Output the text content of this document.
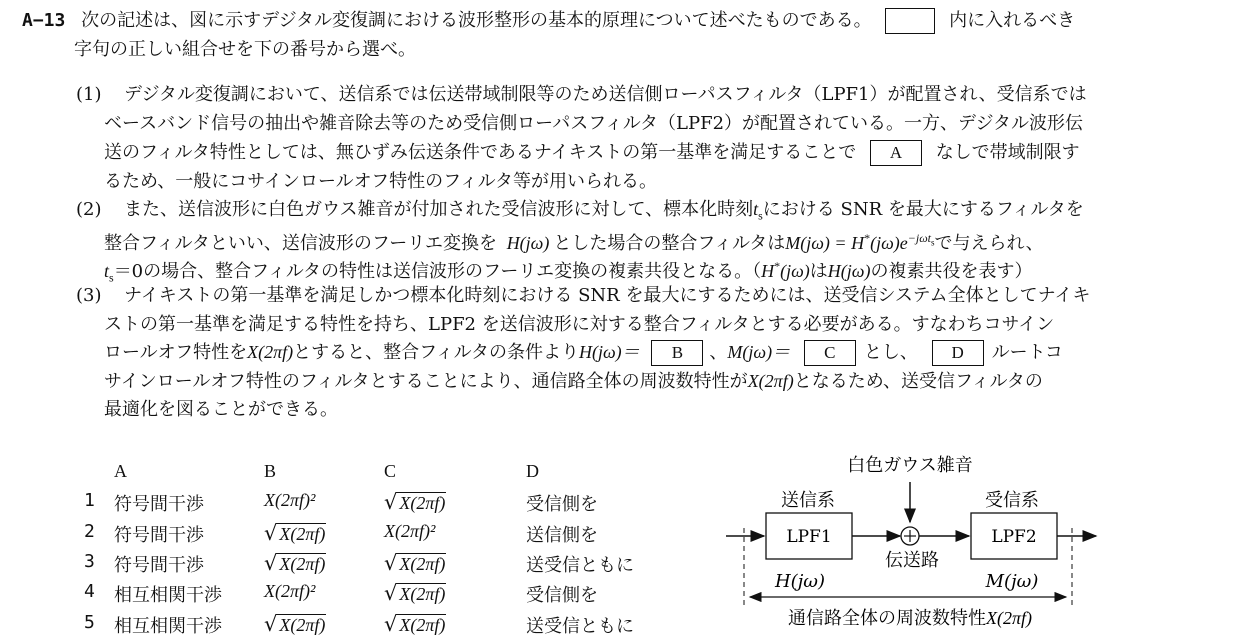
A−13 次の記述は、図に示すデジタル変復調における波形整形の基本的原理について述べたものである。	内に入れるべき
字句の正しい組合せを下の番号から選べ。
(1) デジタル変復調において、送信系では伝送帯域制限等のため送信側ローパスフィルタ（LPF1）が配置され、受信系では
ベースバンド信号の抽出や雑音除去等のため受信側ローパスフィルタ（LPF2）が配置されている。一方、デジタル波形伝
送のフィルタ特性としては、無ひずみ伝送条件であるナイキストの第一基準を満足することで A なしで帯域制限す
るため、一般にコサインロールオフ特性のフィルタ等が用いられる。
(2) また、送信波形に白色ガウス雑音が付加された受信波形に対して、標本化時刻$t_s$における SNR を最大にするフィルタを
整合フィルタといい、送信波形のフーリエ変換を H(jω) とした場合の整合フィルタは$M(j\omega) = H^*(j\omega)e^{-j\omega t_s}$で与えられ、
$t_s=0$の場合、整合フィルタの特性は送信波形のフーリエ変換の複素共役となる。（H*(jω)はH(jω)の複素共役を表す）
(3) ナイキストの第一基準を満足しかつ標本化時刻における SNR を最大にするためには、送受信システム全体としてナイキ
ストの第一基準を満足する特性を持ち、LPF2 を送信波形に対する整合フィルタとする必要がある。すなわちコサイン
ロールオフ特性をX(2πf)とすると、整合フィルタの条件よりH(jω)＝ B 、M(jω)＝ C とし、 D ルートコ
サインロールオフ特性のフィルタとすることにより、通信路全体の周波数特性がX(2πf)となるため、送受信フィルタの
最適化を図ることができる。
A	B	C	D
1 符号間干渉	X(2πf)²	√ X(2πf)	受信側を
2 符号間干渉	√ X(2πf)	X(2πf)²	送信側を
3 符号間干渉	√ X(2πf)	√ X(2πf)	送受信ともに
4 相互相関干渉 X(2πf)²	√ X(2πf)	受信側を
5 相互相関干渉 √ X(2πf)	√ X(2πf)	送受信ともに
白色ガウス雑音
送信系	受信系
LPF1
伝送路
LPF2
H(jω)	M(jω)
通信路全体の周波数特性X(2πf)
